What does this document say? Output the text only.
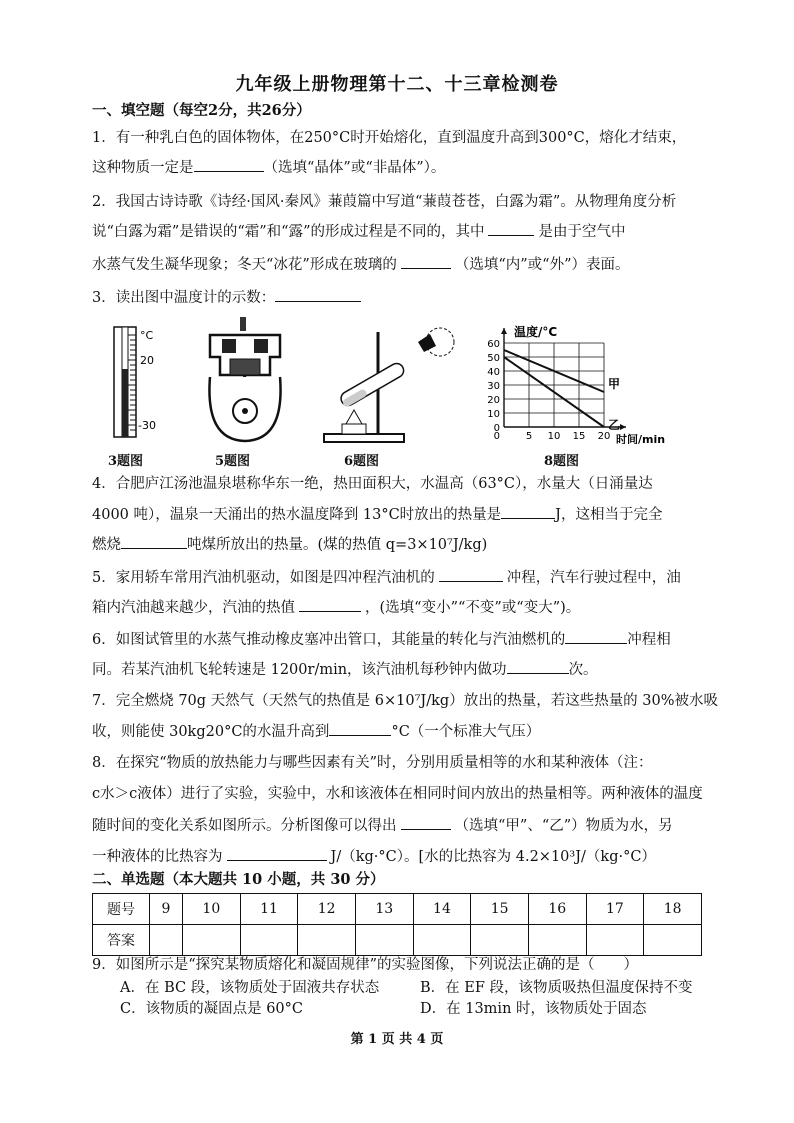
九年级上册物理第十二、十三章检测卷
一、填空题（每空2分，共26分）
1．有一种乳白色的固体物体，在250°C时开始熔化，直到温度升高到300°C，熔化才结束，
这种物质一定是	（选填“晶体”或“非晶体”）。
2．我国古诗诗歌《诗经·国风·秦风》蒹葭篇中写道“蒹葭苍苍，白露为霜”。从物理角度分析
说“白露为霜”是错误的“霜”和“露”的形成过程是不同的，其中	是由于空气中
水蒸气发生凝华现象；冬天“冰花”形成在玻璃的	（选填“内”或“外”）表面。
3．读出图中温度计的示数：
°C
20
-30
3题图	5题图	6题图
0
10
20
30
40
50
60
5 10 15 20
0
温度/°C
时间/min
甲
乙
8题图
4．合肥庐江汤池温泉堪称华东一绝，热田面积大，水温高（63°C），水量大（日涌量达
4000 吨），温泉一天涌出的热水温度降到 13°C时放出的热量是	J，这相当于完全
燃烧	吨煤所放出的热量。(煤的热值 q=3×10⁷J/kg)
5．家用轿车常用汽油机驱动，如图是四冲程汽油机的	冲程，汽车行驶过程中，油
箱内汽油越来越少，汽油的热值	，(选填“变小”“不变”或“变大”)。
6．如图试管里的水蒸气推动橡皮塞冲出管口，其能量的转化与汽油燃机的	冲程相
同。若某汽油机飞轮转速是 1200r/min，该汽油机每秒钟内做功	次。
7．完全燃烧 70g 天然气（天然气的热值是 6×10⁷J/kg）放出的热量，若这些热量的 30%被水吸
收，则能使 30kg20°C的水温升高到	°C（一个标准大气压）
8．在探究“物质的放热能力与哪些因素有关”时，分别用质量相等的水和某种液体（注：
c水＞c液体）进行了实验，实验中，水和该液体在相同时间内放出的热量相等。两种液体的温度
随时间的变化关系如图所示。分析图像可以得出	（选填“甲”、“乙”）物质为水，另
一种液体的比热容为	J/（kg·°C）。[水的比热容为 4.2×10³J/（kg·°C）
二、单选题（本大题共 10 小题，共 30 分）
题号	9	10	11	12	13	14	15	16	17	18
答案										
9．如图所示是“探究某物质熔化和凝固规律”的实验图像，下列说法正确的是（　　）
A．在 BC 段，该物质处于固液共存状态	B．在 EF 段，该物质吸热但温度保持不变
C．该物质的凝固点是 60°C	D．在 13min 时，该物质处于固态
第 1 页 共 4 页
